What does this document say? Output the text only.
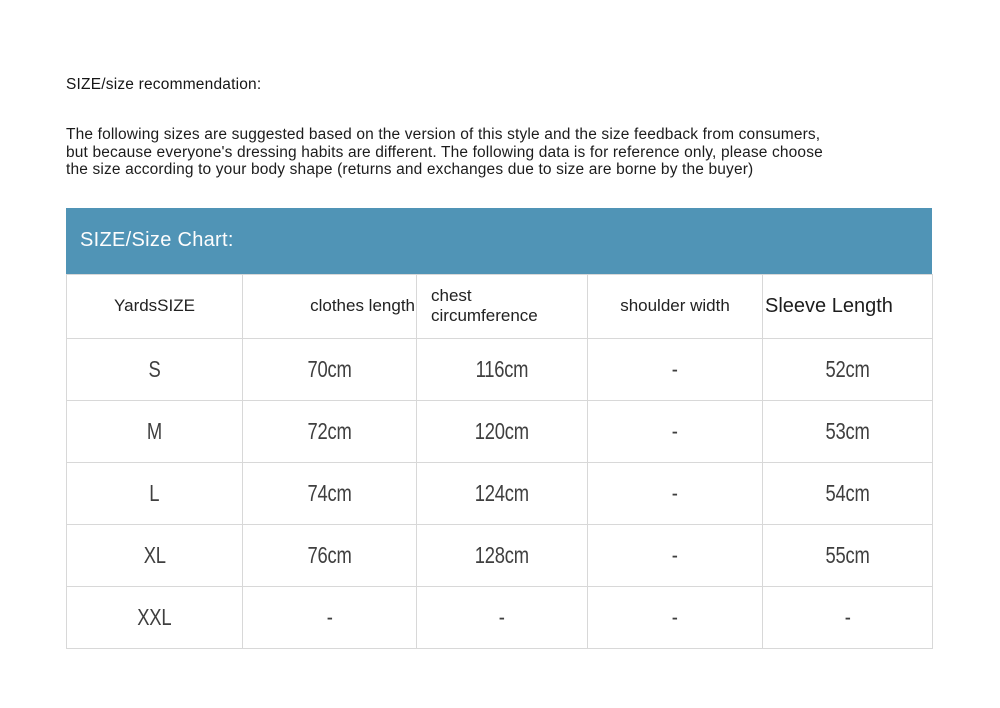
SIZE/size recommendation:
The following sizes are suggested based on the version of this style and the size feedback from consumers,
but because everyone's dressing habits are different. The following data is for reference only, please choose
the size according to your body shape (returns and exchanges due to size are borne by the buyer)
SIZE/Size Chart:
YardsSIZE	clothes length	chest circumference	shoulder width	Sleeve Length
S	70cm	116cm	-	52cm
M	72cm	120cm	-	53cm
L	74cm	124cm	-	54cm
XL	76cm	128cm	-	55cm
XXL	-	-	-	-
